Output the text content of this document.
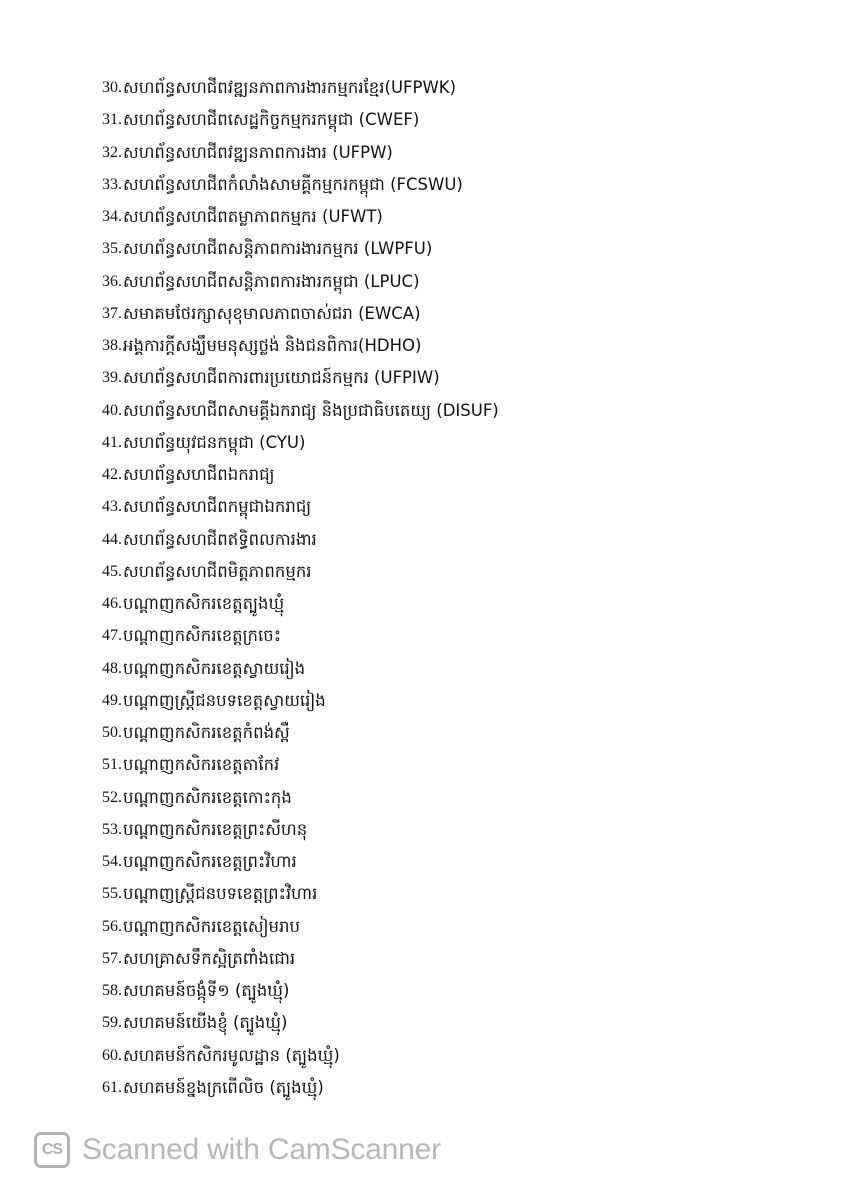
30. សហព័ន្ធសហជីពវឌ្ឍនភាពការងារកម្មករខ្មែរ(UFPWK)
31. សហព័ន្ធសហជីពសេដ្ឋកិច្ចកម្មករកម្ពុជា (CWEF)
32. សហព័ន្ធសហជីពវឌ្ឍនភាពការងារ (UFPW)
33. សហព័ន្ធសហជីពកំលាំងសាមគ្គីកម្មករកម្ពុជា (FCSWU)
34. សហព័ន្ធសហជីពតម្លាភាពកម្មករ (UFWT)
35. សហព័ន្ធសហជីពសន្តិភាពការងារកម្មករ (LWPFU)
36. សហព័ន្ធសហជីពសន្តិភាពការងារកម្ពុជា (LPUC)
37. សមាគមថែរក្សាសុខុមាលភាពចាស់ជរា (EWCA)
38. អង្គការក្តីសង្ឃឹមមនុស្សថ្លង់ និងជនពិការ(HDHO)
39. សហព័ន្ធសហជីពការពារប្រយោជន៍កម្មករ (UFPIW)
40. សហព័ន្ធសហជីពសាមគ្គីឯករាជ្យ និងប្រជាធិបតេយ្យ (DISUF)
41. សហព័ន្ធយុវជនកម្ពុជា (CYU)
42. សហព័ន្ធសហជីពឯករាជ្យ
43. សហព័ន្ធសហជីពកម្ពុជាឯករាជ្យ
44. សហព័ន្ធសហជីពឥទ្ធិពលការងារ
45. សហព័ន្ធសហជីពមិត្តភាពកម្មករ
46. បណ្តាញកសិករខេត្តត្បូងឃ្មុំ
47. បណ្តាញកសិករខេត្តក្រចេះ
48. បណ្តាញកសិករខេត្តស្វាយរៀង
49. បណ្តាញស្ត្រីជនបទខេត្តស្វាយរៀង
50. បណ្តាញកសិករខេត្តកំពង់ស្ពឺ
51. បណ្តាញកសិករខេត្តតាកែវ
52. បណ្តាញកសិករខេត្តកោះកុង
53. បណ្តាញកសិករខេត្តព្រះសីហនុ
54. បណ្តាញកសិករខេត្តព្រះវិហារ
55. បណ្តាញស្ត្រីជនបទខេត្តព្រះវិហារ
56. បណ្តាញកសិករខេត្តសៀមរាប
57. សហគ្រាសទឹកស្អិត្រពាំងជោរ
58. សហគមន៍ចង្កុំទី១ (ត្បូងឃ្មុំ)
59. សហគមន៍យើងខ្ញុំ (ត្បូងឃ្មុំ)
60. សហគមន៍កសិករមូលដ្ឋាន (ត្បូងឃ្មុំ)
61. សហគមន៍ខ្នងក្រពើលិច (ត្បូងឃ្មុំ)
CS Scanned with CamScanner
